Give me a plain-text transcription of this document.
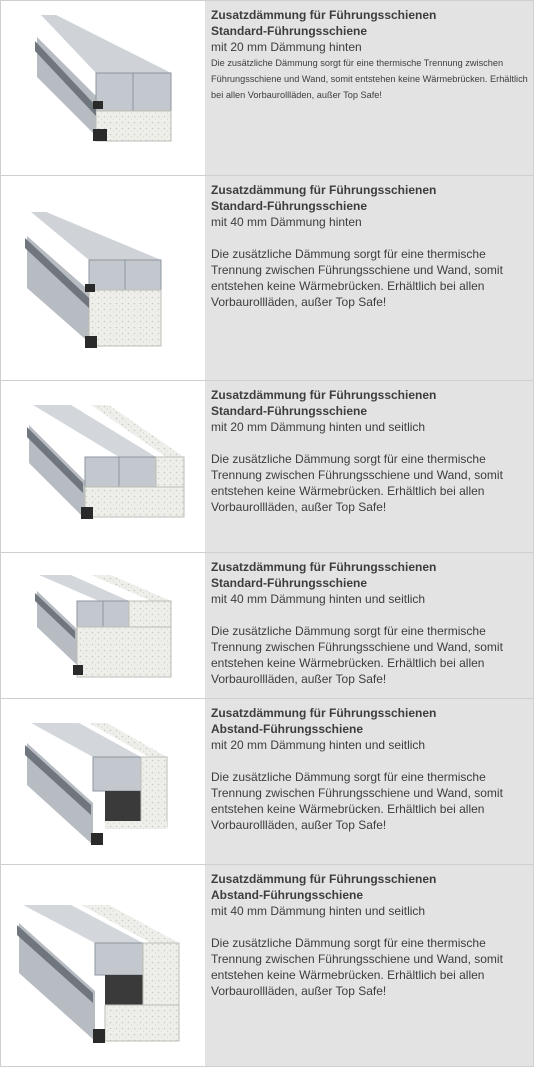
Zusatzdämmung für Führungsschienen
Standard-Führungsschiene
mit 20 mm Dämmung hinten
Die zusätzliche Dämmung sorgt für eine thermische Trennung zwischen Führungsschiene und Wand, somit entstehen keine Wärmebrücken. Erhältlich bei allen Vorbaurollläden, außer Top Safe!
Zusatzdämmung für Führungsschienen
Standard-Führungsschiene
mit 40 mm Dämmung hinten
Die zusätzliche Dämmung sorgt für eine thermische Trennung zwischen Führungsschiene und Wand, somit entstehen keine Wärmebrücken. Erhältlich bei allen Vorbaurollläden, außer Top Safe!
Zusatzdämmung für Führungsschienen
Standard-Führungsschiene
mit 20 mm Dämmung hinten und seitlich
Die zusätzliche Dämmung sorgt für eine thermische Trennung zwischen Führungsschiene und Wand, somit entstehen keine Wärmebrücken. Erhältlich bei allen Vorbaurollläden, außer Top Safe!
Zusatzdämmung für Führungsschienen
Standard-Führungsschiene
mit 40 mm Dämmung hinten und seitlich
Die zusätzliche Dämmung sorgt für eine thermische Trennung zwischen Führungsschiene und Wand, somit entstehen keine Wärmebrücken. Erhältlich bei allen Vorbaurollläden, außer Top Safe!
Zusatzdämmung für Führungsschienen
Abstand-Führungsschiene
mit 20 mm Dämmung hinten und seitlich
Die zusätzliche Dämmung sorgt für eine thermische Trennung zwischen Führungsschiene und Wand, somit entstehen keine Wärmebrücken. Erhältlich bei allen Vorbaurollläden, außer Top Safe!
Zusatzdämmung für Führungsschienen
Abstand-Führungsschiene
mit 40 mm Dämmung hinten und seitlich
Die zusätzliche Dämmung sorgt für eine thermische Trennung zwischen Führungsschiene und Wand, somit entstehen keine Wärmebrücken. Erhältlich bei allen Vorbaurollläden, außer Top Safe!
